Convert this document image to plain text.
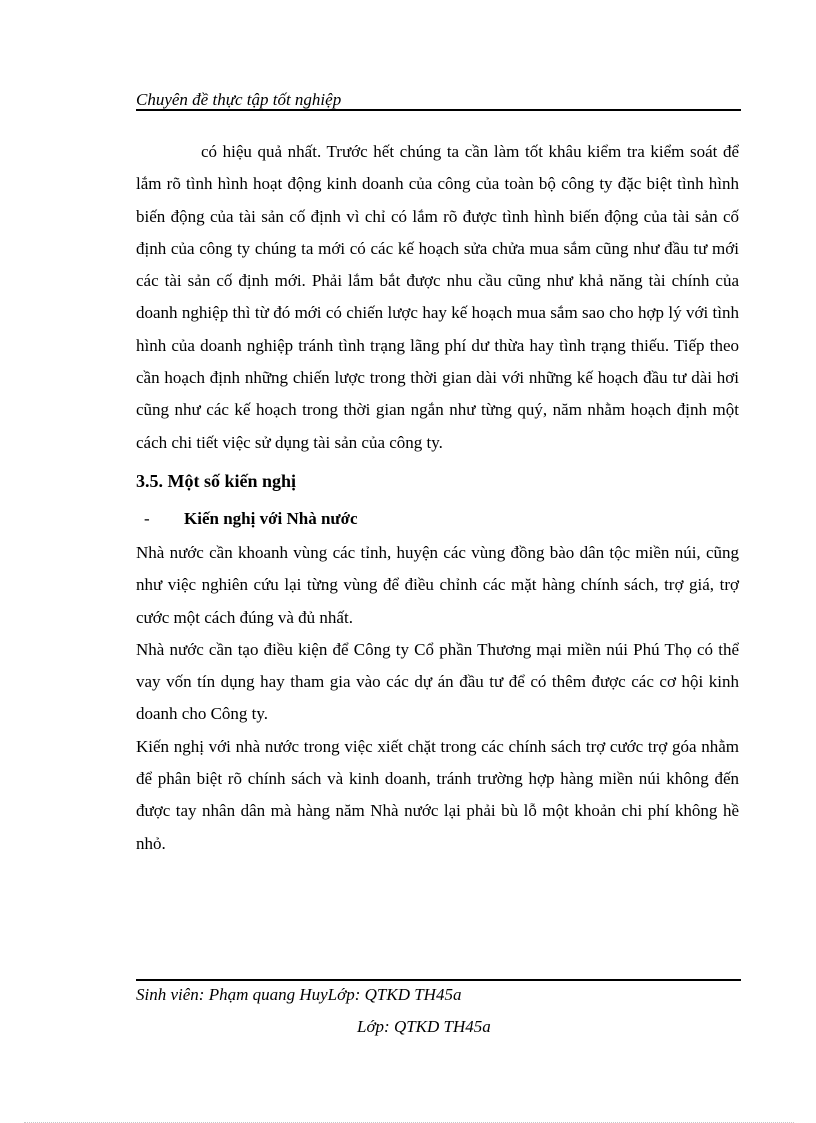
Chuyên đề thực tập tốt nghiệp

có hiệu quả nhất. Trước hết chúng ta cần làm tốt khâu kiểm tra kiểm soát để lắm rõ tình hình hoạt động kinh doanh của công của toàn bộ công ty đặc biệt tình hình biến động của tài sản cố định vì chỉ có lắm rõ được tình hình biến động của tài sản cố định của công ty chúng ta mới có các kế hoạch sửa chửa mua sắm cũng như đầu tư mới các tài sản cố định mới. Phải lắm bắt được nhu cầu cũng như khả năng tài chính của doanh nghiệp thì từ đó mới có chiến lược hay kế hoạch mua sắm sao cho hợp lý với tình hình của doanh nghiệp tránh tình trạng lãng phí dư thừa hay tình trạng thiếu. Tiếp theo cần hoạch định những chiến lược trong thời gian dài với những kế hoạch đầu tư dài hơi cũng như các kế hoạch trong thời gian ngắn như từng quý, năm nhằm hoạch định một cách chi tiết việc sử dụng tài sản của công ty.

3.5. Một số kiến nghị

- Kiến nghị với Nhà nước

Nhà nước cần khoanh vùng các tỉnh, huyện các vùng đồng bào dân tộc miền núi, cũng như việc nghiên cứu lại từng vùng để điều chỉnh các mặt hàng chính sách, trợ giá, trợ cước một cách đúng và đủ nhất.

Nhà nước cần tạo điều kiện để Công ty Cổ phần Thương mại miền núi Phú Thọ có thể vay vốn tín dụng hay tham gia vào các dự án đầu tư để có thêm được các cơ hội kinh doanh cho Công ty.

Kiến nghị với nhà nước trong việc xiết chặt trong các chính sách trợ cước trợ góa nhằm để phân biệt rõ chính sách và kinh doanh, tránh trường hợp hàng miền núi không đến được tay nhân dân mà hàng năm Nhà nước lại phải bù lỗ một khoản chi phí không hề nhỏ.

Sinh viên: Phạm quang HuyLớp: QTKD TH45a
Lớp: QTKD TH45a
